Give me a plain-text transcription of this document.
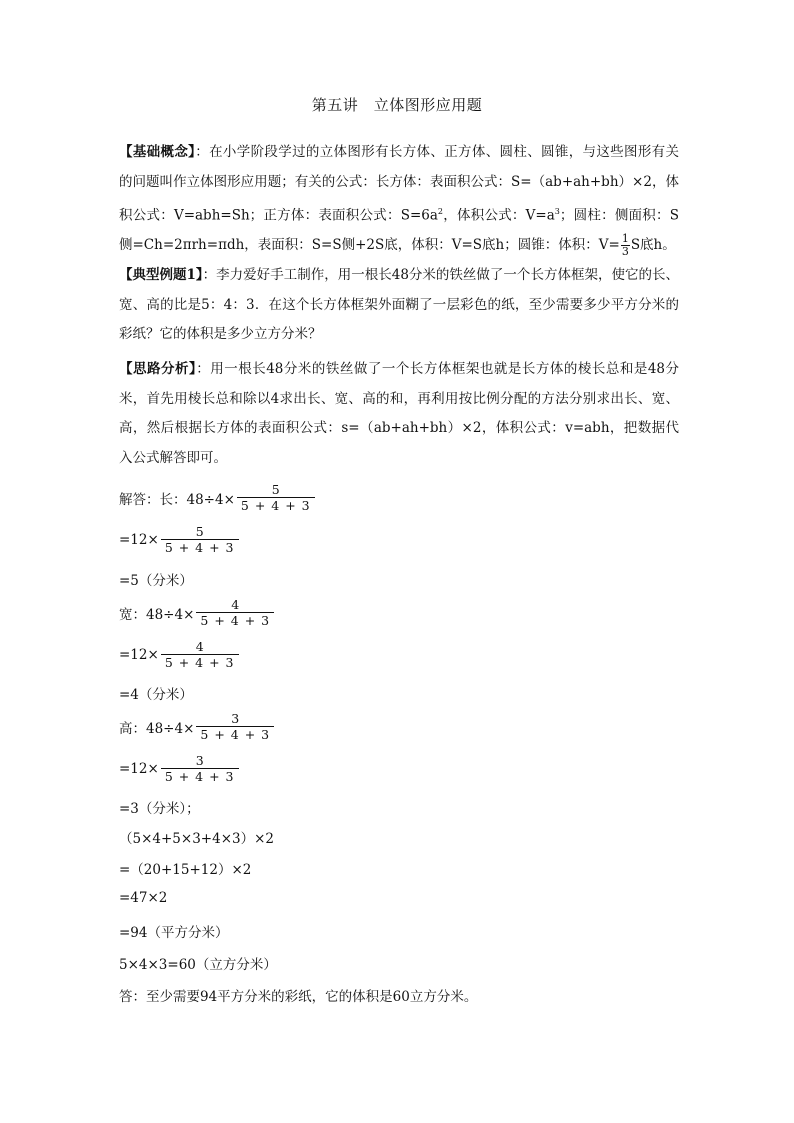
第五讲　立体图形应用题
【基础概念】：在小学阶段学过的立体图形有长方体、正方体、圆柱、圆锥，与这些图形有关的问题叫作立体图形应用题；有关的公式：长方体：表面积公式：S=（ab+ah+bh）×2，体积公式：V=abh=Sh；正方体：表面积公式：$S=6a^2$，体积公式：$V=a^3$；圆柱：侧面积：S侧=Ch=2πrh=πdh，表面积：S=S侧+2S底，体积：V=S底h；圆锥：体积：$V= \frac{1}{3}$ S底h。
【典型例题1】：李力爱好手工制作，用一根长48分米的铁丝做了一个长方体框架，使它的长、宽、高的比是5：4：3．在这个长方体框架外面糊了一层彩色的纸，至少需要多少平方分米的彩纸？它的体积是多少立方分米？
【思路分析】：用一根长48分米的铁丝做了一个长方体框架也就是长方体的棱长总和是48分米，首先用棱长总和除以4求出长、宽、高的和，再利用按比例分配的方法分别求出长、宽、高，然后根据长方体的表面积公式：s=（ab+ah+bh）×2，体积公式：v=abh，把数据代入公式解答即可。
解答：长：$48\div 4\times \frac{5}{5 + 4 + 3}$
$=12\times \frac{5}{5 + 4 + 3}$
=5（分米）
宽：$48\div 4\times \frac{4}{5 + 4 + 3}$
$=12\times \frac{4}{5 + 4 + 3}$
=4（分米）
高：$48\div 4\times \frac{3}{5 + 4 + 3}$
$=12\times \frac{3}{5 + 4 + 3}$
=3（分米）；
（5×4+5×3+4×3）×2
=（20+15+12）×2
=47×2
=94（平方分米）
5×4×3=60（立方分米）
答：至少需要94平方分米的彩纸，它的体积是60立方分米。
